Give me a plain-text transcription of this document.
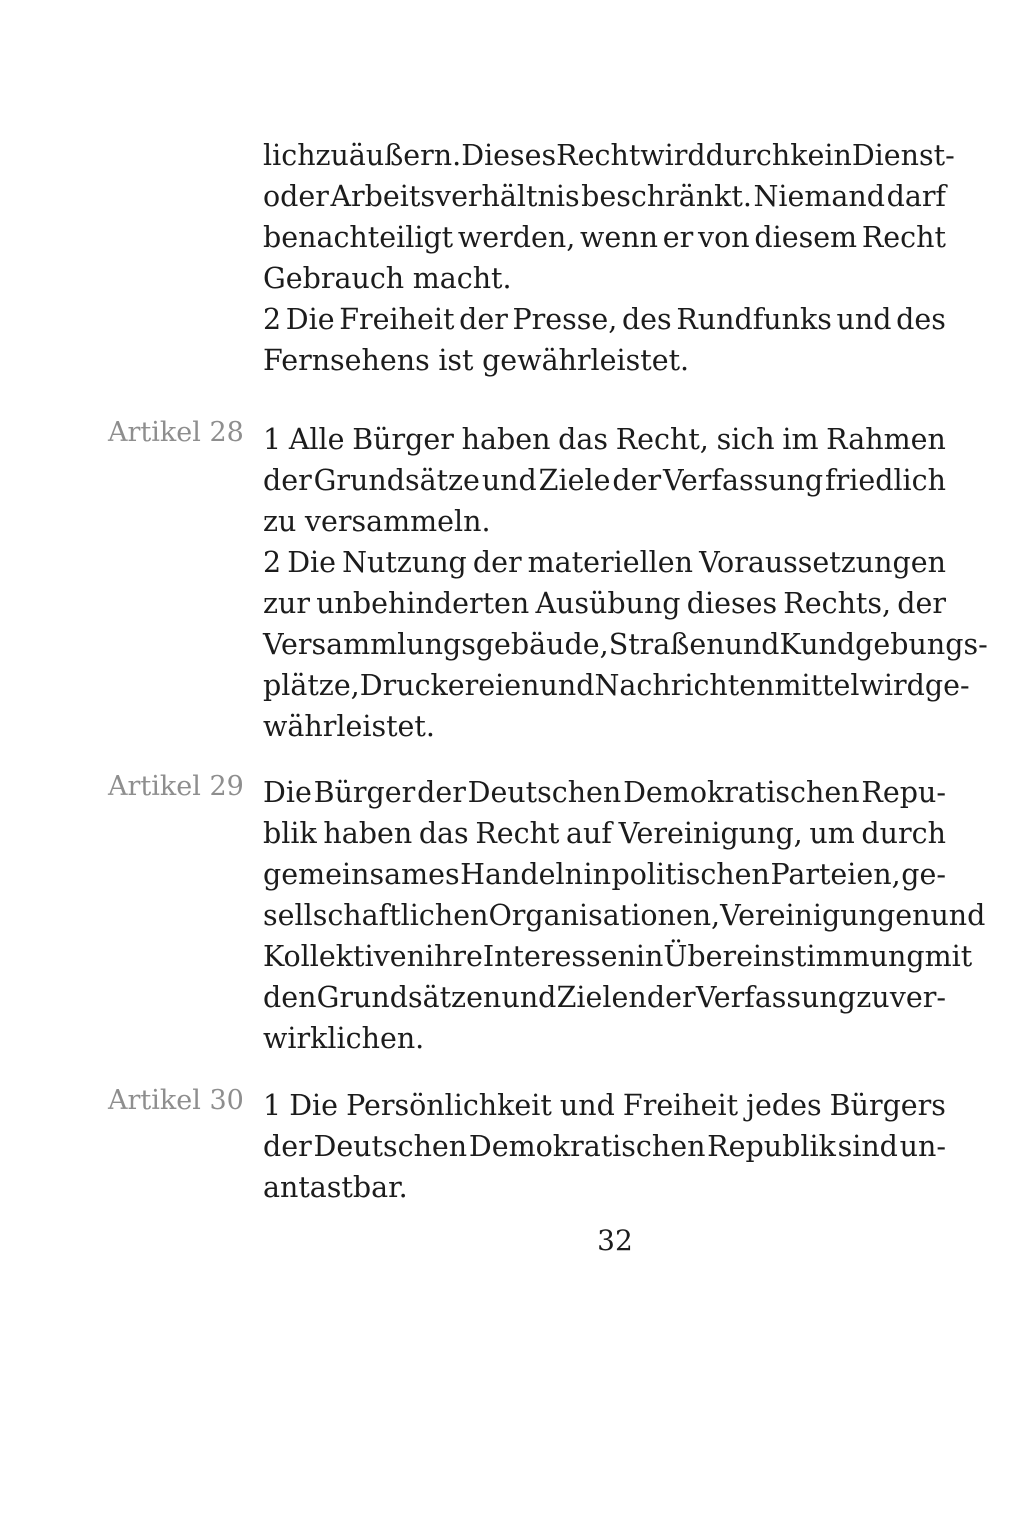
lich zu äußern. Dieses Recht wird durch kein Dienst-
oder Arbeitsverhältnis beschränkt. Niemand darf
benachteiligt werden, wenn er von diesem Recht
Gebrauch macht.
2 Die Freiheit der Presse, des Rundfunks und des
Fernsehens ist gewährleistet.
Artikel 28 1 Alle Bürger haben das Recht, sich im Rahmen
der Grundsätze und Ziele der Verfassung friedlich
zu versammeln.
2 Die Nutzung der materiellen Voraussetzungen
zur unbehinderten Ausübung dieses Rechts, der
Versammlungsgebäude, Straßen und Kundgebungs-
plätze, Druckereien und Nachrichtenmittel wird ge-
währleistet.
Artikel 29 Die Bürger der Deutschen Demokratischen Repu-
blik haben das Recht auf Vereinigung, um durch
gemeinsames Handeln in politischen Parteien, ge-
sellschaftlichen Organisationen, Vereinigungen und
Kollektiven ihre Interessen in Übereinstimmung mit
den Grundsätzen und Zielen der Verfassung zu ver-
wirklichen.
Artikel 30 1 Die Persönlichkeit und Freiheit jedes Bürgers
der Deutschen Demokratischen Republik sind un-
antastbar.
32
